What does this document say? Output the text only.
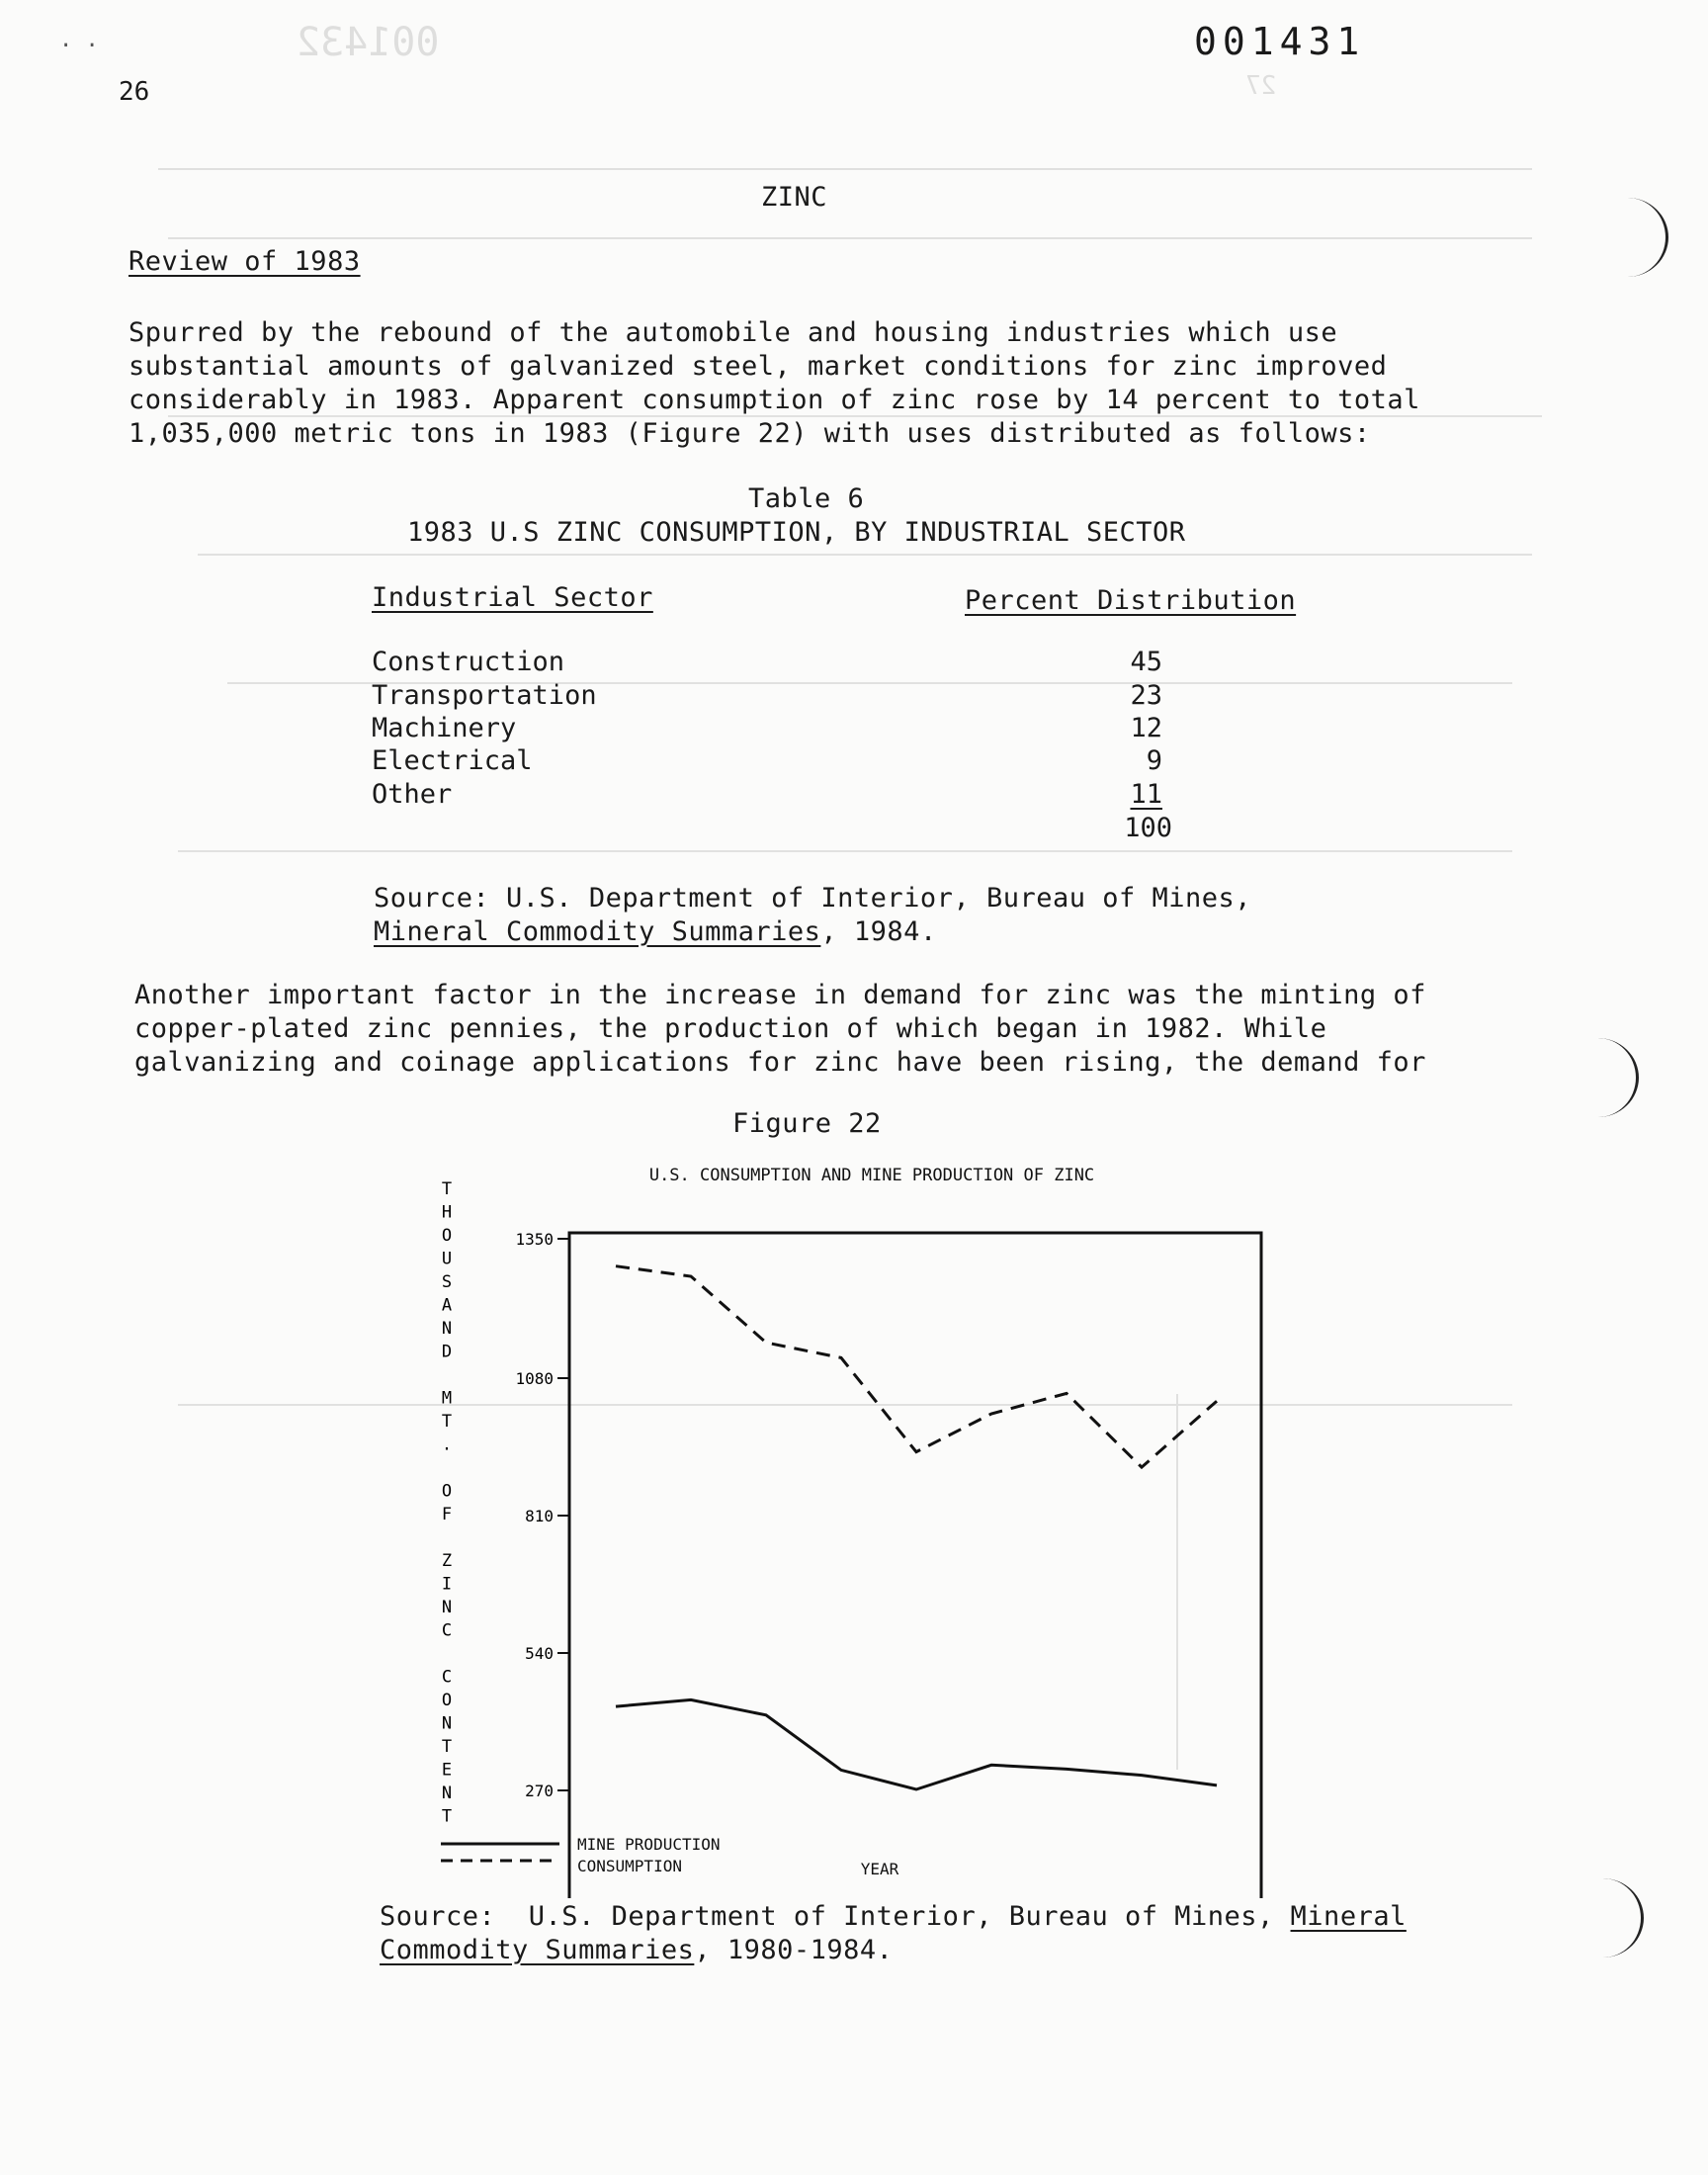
001432
27
26
001431
. .
ZINC
Review of 1983
Spurred by the rebound of the automobile and housing industries which use
substantial amounts of galvanized steel, market conditions for zinc improved
considerably in 1983. Apparent consumption of zinc rose by 14 percent to total
1,035,000 metric tons in 1983 (Figure 22) with uses distributed as follows:
Table 6
1983 U.S ZINC CONSUMPTION, BY INDUSTRIAL SECTOR
Industrial Sector	Percent Distribution
Construction	45
Transportation	23
Machinery	12
Electrical	9
Other	11
100
Source: U.S. Department of Interior, Bureau of Mines,
Mineral Commodity Summaries, 1984.
Another important factor in the increase in demand for zinc was the minting of
copper-plated zinc pennies, the production of which began in 1982. While
galvanizing and coinage applications for zinc have been rising, the demand for
Figure 22
U.S. CONSUMPTION AND MINE PRODUCTION OF ZINC
T
H
O
U
S
A
N
D
M
T
.
O
F
Z
I
N
C
C
O
N
T
E
N
T
1350
1080
810
540
270
MINE PRODUCTION
CONSUMPTION	YEAR
Source:  U.S. Department of Interior, Bureau of Mines, Mineral
Commodity Summaries, 1980-1984.
